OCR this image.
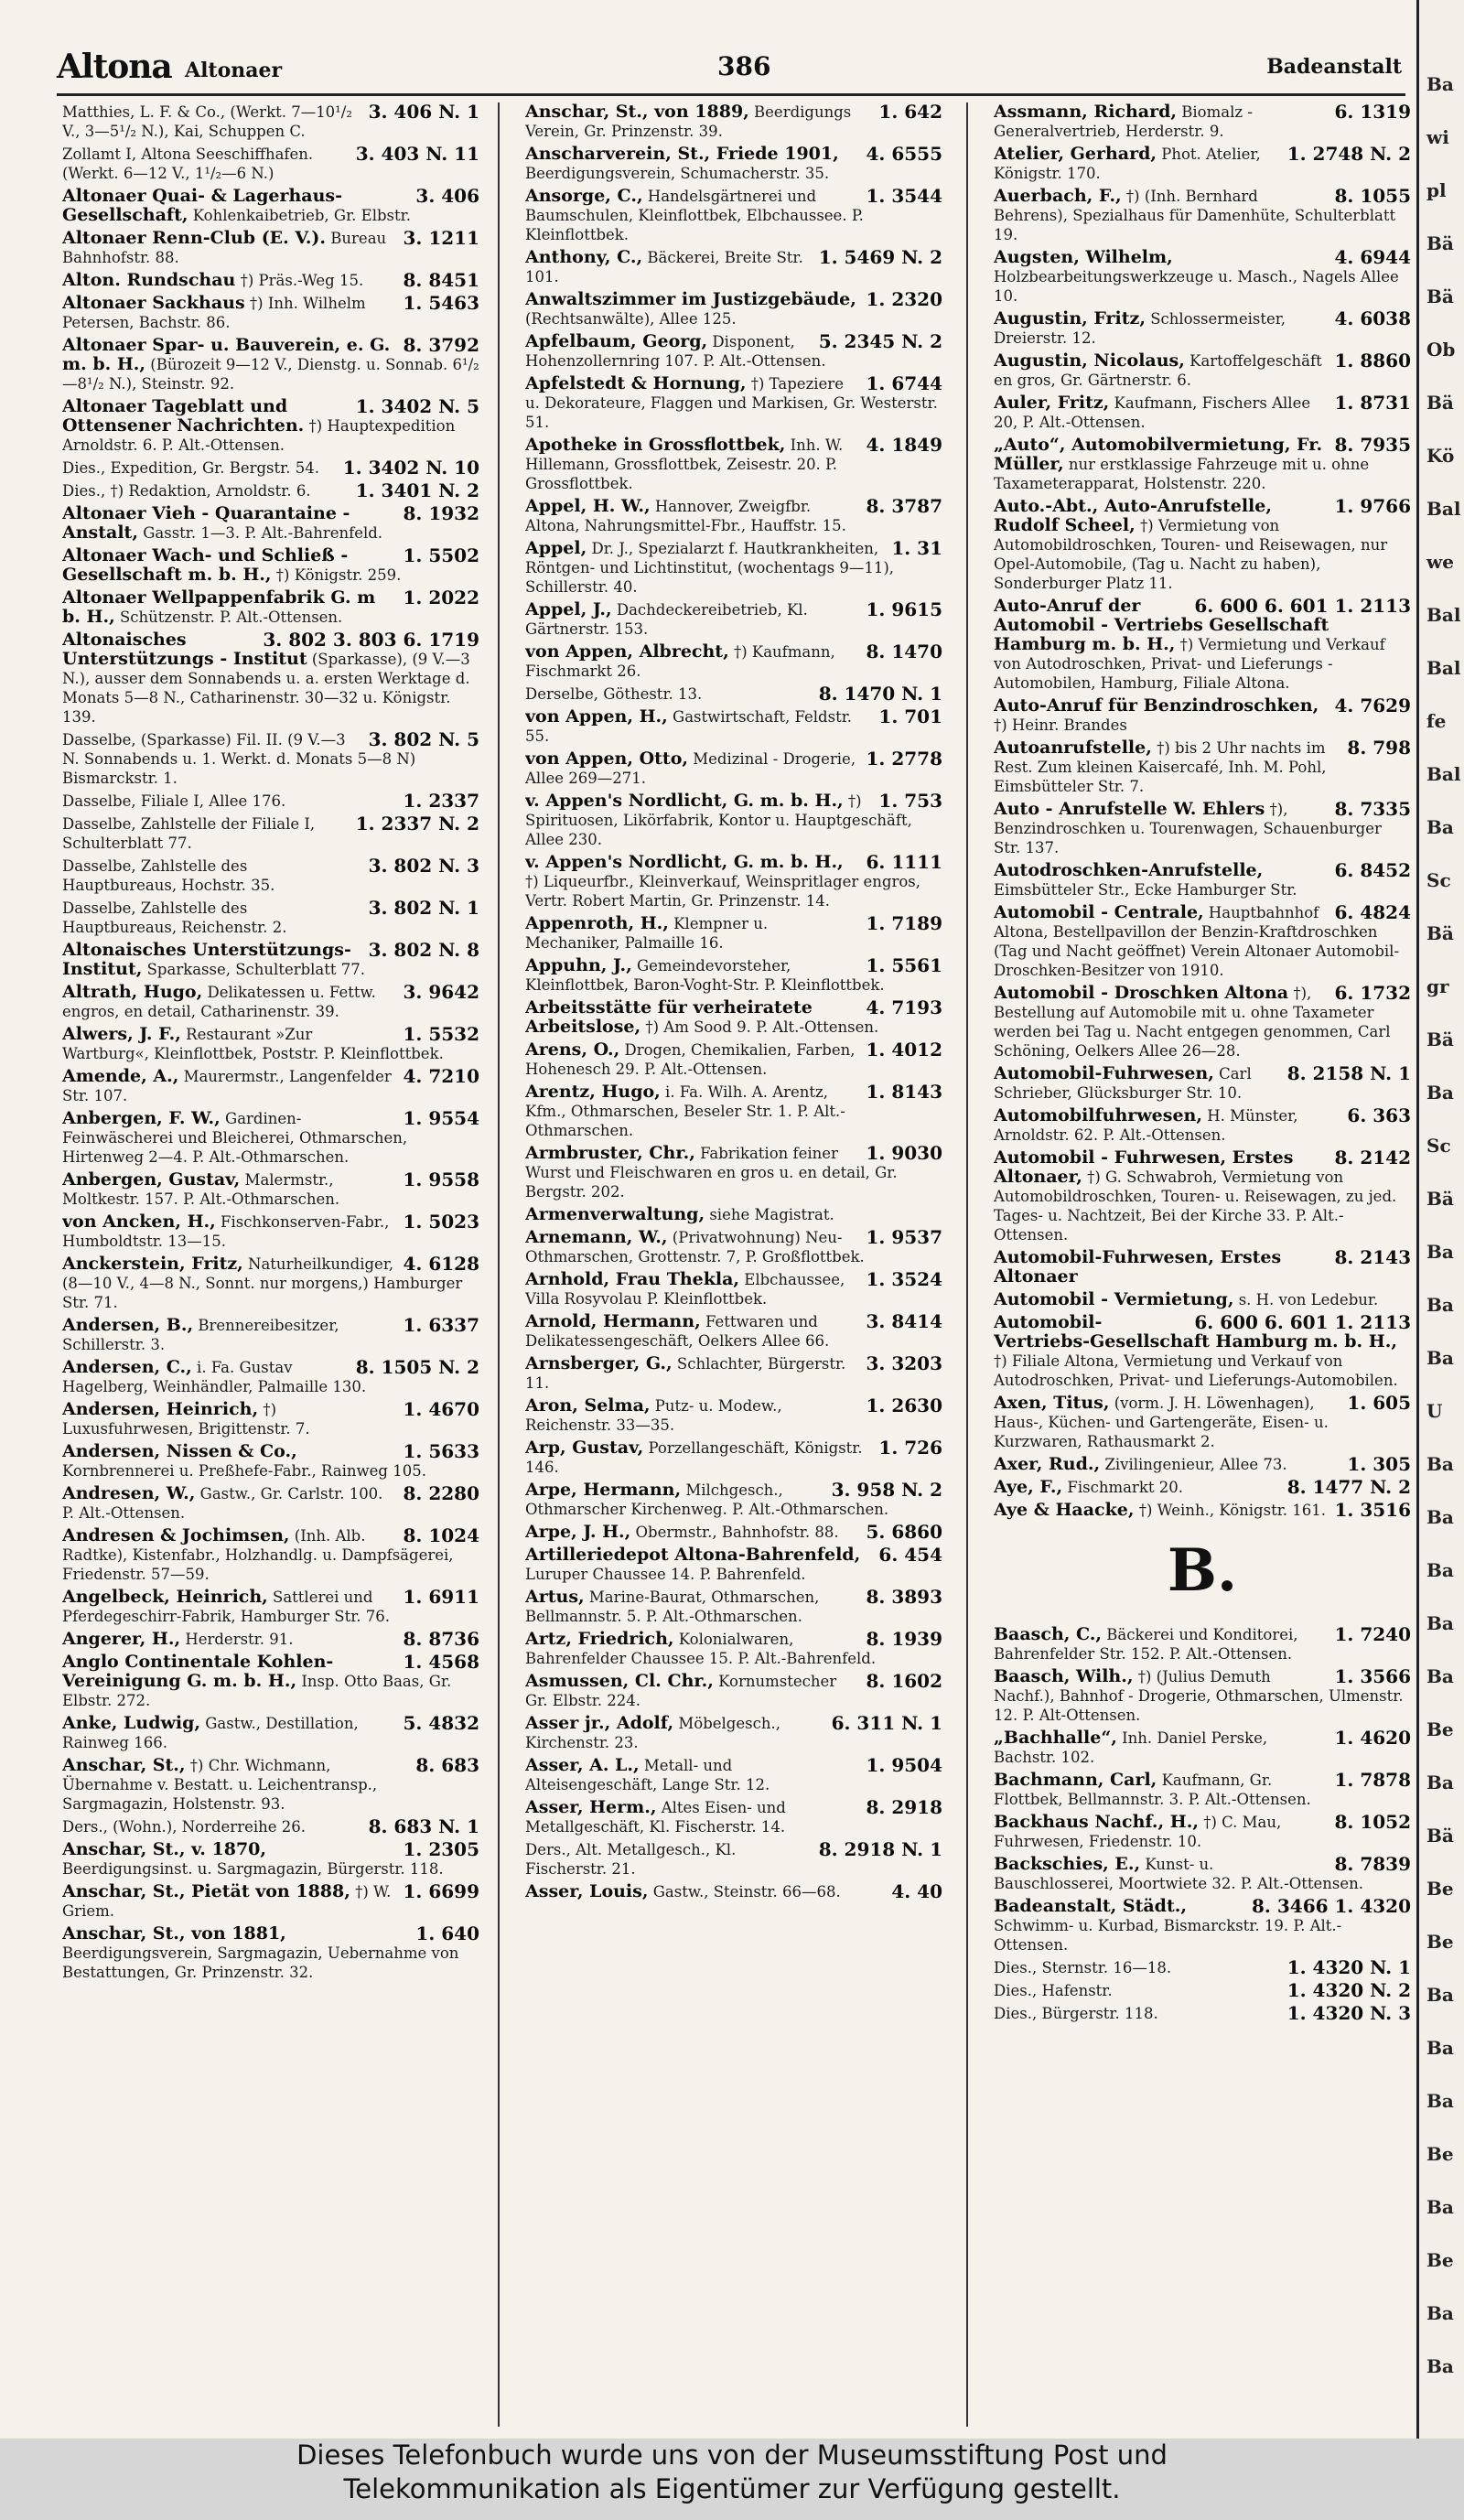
Altona Altonaer	386	Badeanstalt
3. 406 N. 1
Matthies, L. F. & Co., (Werkt. 7—10¹/₂ V., 3—5¹/₂ N.), Kai, Schuppen C.
3. 403 N. 11
Zollamt I, Altona Seeschiffhafen. (Werkt. 6—12 V., 1¹/₂—6 N.)
3. 406
Altonaer Quai- & Lagerhaus-Gesellschaft, Kohlenkaibetrieb, Gr. Elbstr.
3. 1211
Altonaer Renn-Club (E. V.). Bureau Bahnhofstr. 88.
8. 8451
Alton. Rundschau †) Präs.-Weg 15.
1. 5463
Altonaer Sackhaus †) Inh. Wilhelm Petersen, Bachstr. 86.
8. 3792
Altonaer Spar- u. Bauverein, e. G. m. b. H., (Bürozeit 9—12 V., Dienstg. u. Sonnab. 6¹/₂—8¹/₂ N.), Steinstr. 92.
1. 3402 N. 5
Altonaer Tageblatt und Ottensener Nachrichten. †) Hauptexpedition Arnoldstr. 6. P. Alt.-Ottensen.
1. 3402 N. 10
Dies., Expedition, Gr. Bergstr. 54.
1. 3401 N. 2
Dies., †) Redaktion, Arnoldstr. 6.
8. 1932
Altonaer Vieh - Quarantaine - Anstalt, Gasstr. 1—3. P. Alt.-Bahrenfeld.
1. 5502
Altonaer Wach- und Schließ - Gesellschaft m. b. H., †) Königstr. 259.
1. 2022
Altonaer Wellpappenfabrik G. m b. H., Schützenstr. P. Alt.-Ottensen.
3. 802 3. 803 6. 1719
Altonaisches Unterstützungs - Institut (Sparkasse), (9 V.—3 N.), ausser dem Sonnabends u. a. ersten Werktage d. Monats 5—8 N., Catharinenstr. 30—32 u. Königstr. 139.
3. 802 N. 5
Dasselbe, (Sparkasse) Fil. II. (9 V.—3 N. Sonnabends u. 1. Werkt. d. Monats 5—8 N) Bismarckstr. 1.
1. 2337
Dasselbe, Filiale I, Allee 176.
1. 2337 N. 2
Dasselbe, Zahlstelle der Filiale I, Schulterblatt 77.
3. 802 N. 3
Dasselbe, Zahlstelle des Hauptbureaus, Hochstr. 35.
3. 802 N. 1
Dasselbe, Zahlstelle des Hauptbureaus, Reichenstr. 2.
3. 802 N. 8
Altonaisches Unterstützungs-Institut, Sparkasse, Schulterblatt 77.
3. 9642
Altrath, Hugo, Delikatessen u. Fettw. engros, en detail, Catharinenstr. 39.
1. 5532
Alwers, J. F., Restaurant »Zur Wartburg«, Kleinflottbek, Poststr. P. Kleinflottbek.
4. 7210
Amende, A., Maurermstr., Langenfelder Str. 107.
1. 9554
Anbergen, F. W., Gardinen-Feinwäscherei und Bleicherei, Othmarschen, Hirtenweg 2—4. P. Alt.-Othmarschen.
1. 9558
Anbergen, Gustav, Malermstr., Moltkestr. 157. P. Alt.-Othmarschen.
1. 5023
von Ancken, H., Fischkonserven-Fabr., Humboldtstr. 13—15.
4. 6128
Anckerstein, Fritz, Naturheilkundiger, (8—10 V., 4—8 N., Sonnt. nur morgens,) Hamburger Str. 71.
1. 6337
Andersen, B., Brennereibesitzer, Schillerstr. 3.
8. 1505 N. 2
Andersen, C., i. Fa. Gustav Hagelberg, Weinhändler, Palmaille 130.
1. 4670
Andersen, Heinrich, †) Luxusfuhrwesen, Brigittenstr. 7.
1. 5633
Andersen, Nissen & Co., Kornbrennerei u. Preßhefe-Fabr., Rainweg 105.
8. 2280
Andresen, W., Gastw., Gr. Carlstr. 100. P. Alt.-Ottensen.
8. 1024
Andresen & Jochimsen, (Inh. Alb. Radtke), Kistenfabr., Holzhandlg. u. Dampfsägerei, Friedenstr. 57—59.
1. 6911
Angelbeck, Heinrich, Sattlerei und Pferdegeschirr-Fabrik, Hamburger Str. 76.
8. 8736
Angerer, H., Herderstr. 91.
1. 4568
Anglo Continentale Kohlen-Vereinigung G. m. b. H., Insp. Otto Baas, Gr. Elbstr. 272.
5. 4832
Anke, Ludwig, Gastw., Destillation, Rainweg 166.
8. 683
Anschar, St., †) Chr. Wichmann, Übernahme v. Bestatt. u. Leichentransp., Sargmagazin, Holstenstr. 93.
8. 683 N. 1
Ders., (Wohn.), Norderreihe 26.
1. 2305
Anschar, St., v. 1870, Beerdigungsinst. u. Sargmagazin, Bürgerstr. 118.
1. 6699
Anschar, St., Pietät von 1888, †) W. Griem.
1. 640
Anschar, St., von 1881, Beerdigungsverein, Sargmagazin, Uebernahme von Bestattungen, Gr. Prinzenstr. 32.
1. 642
Anschar, St., von 1889, Beerdigungs Verein, Gr. Prinzenstr. 39.
4. 6555
Anscharverein, St., Friede 1901, Beerdigungsverein, Schumacherstr. 35.
1. 3544
Ansorge, C., Handelsgärtnerei und Baumschulen, Kleinflottbek, Elbchaussee. P. Kleinflottbek.
1. 5469 N. 2
Anthony, C., Bäckerei, Breite Str. 101.
1. 2320
Anwaltszimmer im Justizgebäude, (Rechtsanwälte), Allee 125.
5. 2345 N. 2
Apfelbaum, Georg, Disponent, Hohenzollernring 107. P. Alt.-Ottensen.
1. 6744
Apfelstedt & Hornung, †) Tapeziere u. Dekorateure, Flaggen und Markisen, Gr. Westerstr. 51.
4. 1849
Apotheke in Grossflottbek, Inh. W. Hillemann, Grossflottbek, Zeisestr. 20. P. Grossflottbek.
8. 3787
Appel, H. W., Hannover, Zweigfbr. Altona, Nahrungsmittel-Fbr., Hauffstr. 15.
1. 31
Appel, Dr. J., Spezialarzt f. Hautkrankheiten, Röntgen- und Lichtinstitut, (wochentags 9—11), Schillerstr. 40.
1. 9615
Appel, J., Dachdeckereibetrieb, Kl. Gärtnerstr. 153.
8. 1470
von Appen, Albrecht, †) Kaufmann, Fischmarkt 26.
8. 1470 N. 1
Derselbe, Göthestr. 13.
1. 701
von Appen, H., Gastwirtschaft, Feldstr. 55.
1. 2778
von Appen, Otto, Medizinal - Drogerie, Allee 269—271.
1. 753
v. Appen's Nordlicht, G. m. b. H., †) Spirituosen, Likörfabrik, Kontor u. Hauptgeschäft, Allee 230.
6. 1111
v. Appen's Nordlicht, G. m. b. H., †) Liqueurfbr., Kleinverkauf, Weinspritlager engros, Vertr. Robert Martin, Gr. Prinzenstr. 14.
1. 7189
Appenroth, H., Klempner u. Mechaniker, Palmaille 16.
1. 5561
Appuhn, J., Gemeindevorsteher, Kleinflottbek, Baron-Voght-Str. P. Kleinflottbek.
4. 7193
Arbeitsstätte für verheiratete Arbeitslose, †) Am Sood 9. P. Alt.-Ottensen.
1. 4012
Arens, O., Drogen, Chemikalien, Farben, Hohenesch 29. P. Alt.-Ottensen.
1. 8143
Arentz, Hugo, i. Fa. Wilh. A. Arentz, Kfm., Othmarschen, Beseler Str. 1. P. Alt.-Othmarschen.
1. 9030
Armbruster, Chr., Fabrikation feiner Wurst und Fleischwaren en gros u. en detail, Gr. Bergstr. 202.
Armenverwaltung, siehe Magistrat.
1. 9537
Arnemann, W., (Privatwohnung) Neu-Othmarschen, Grottenstr. 7, P. Großflottbek.
1. 3524
Arnhold, Frau Thekla, Elbchaussee, Villa Rosyvolau P. Kleinflottbek.
3. 8414
Arnold, Hermann, Fettwaren und Delikatessengeschäft, Oelkers Allee 66.
3. 3203
Arnsberger, G., Schlachter, Bürgerstr. 11.
1. 2630
Aron, Selma, Putz- u. Modew., Reichenstr. 33—35.
1. 726
Arp, Gustav, Porzellangeschäft, Königstr. 146.
3. 958 N. 2
Arpe, Hermann, Milchgesch., Othmarscher Kirchenweg. P. Alt.-Othmarschen.
5. 6860
Arpe, J. H., Obermstr., Bahnhofstr. 88.
6. 454
Artilleriedepot Altona-Bahrenfeld, Luruper Chaussee 14. P. Bahrenfeld.
8. 3893
Artus, Marine-Baurat, Othmarschen, Bellmannstr. 5. P. Alt.-Othmarschen.
8. 1939
Artz, Friedrich, Kolonialwaren, Bahrenfelder Chaussee 15. P. Alt.-Bahrenfeld.
8. 1602
Asmussen, Cl. Chr., Kornumstecher Gr. Elbstr. 224.
6. 311 N. 1
Asser jr., Adolf, Möbelgesch., Kirchenstr. 23.
1. 9504
Asser, A. L., Metall- und Alteisengeschäft, Lange Str. 12.
8. 2918
Asser, Herm., Altes Eisen- und Metallgeschäft, Kl. Fischerstr. 14.
8. 2918 N. 1
Ders., Alt. Metallgesch., Kl. Fischerstr. 21.
4. 40
Asser, Louis, Gastw., Steinstr. 66—68.
6. 1319
Assmann, Richard, Biomalz - Generalvertrieb, Herderstr. 9.
1. 2748 N. 2
Atelier, Gerhard, Phot. Atelier, Königstr. 170.
8. 1055
Auerbach, F., †) (Inh. Bernhard Behrens), Spezialhaus für Damenhüte, Schulterblatt 19.
4. 6944
Augsten, Wilhelm, Holzbearbeitungswerkzeuge u. Masch., Nagels Allee 10.
4. 6038
Augustin, Fritz, Schlossermeister, Dreierstr. 12.
1. 8860
Augustin, Nicolaus, Kartoffelgeschäft en gros, Gr. Gärtnerstr. 6.
1. 8731
Auler, Fritz, Kaufmann, Fischers Allee 20, P. Alt.-Ottensen.
8. 7935
„Auto“, Automobilvermietung, Fr. Müller, nur erstklassige Fahrzeuge mit u. ohne Taxameterapparat, Holstenstr. 220.
1. 9766
Auto.-Abt., Auto-Anrufstelle, Rudolf Scheel, †) Vermietung von Automobildroschken, Touren- und Reisewagen, nur Opel-Automobile, (Tag u. Nacht zu haben), Sonderburger Platz 11.
6. 600 6. 601 1. 2113
Auto-Anruf der Automobil - Vertriebs Gesellschaft Hamburg m. b. H., †) Vermietung und Verkauf von Autodroschken, Privat- und Lieferungs - Automobilen, Hamburg, Filiale Altona.
4. 7629
Auto-Anruf für Benzindroschken, †) Heinr. Brandes
8. 798
Autoanrufstelle, †) bis 2 Uhr nachts im Rest. Zum kleinen Kaisercafé, Inh. M. Pohl, Eimsbütteler Str. 7.
8. 7335
Auto - Anrufstelle W. Ehlers †), Benzindroschken u. Tourenwagen, Schauenburger Str. 137.
6. 8452
Autodroschken-Anrufstelle, Eimsbütteler Str., Ecke Hamburger Str.
6. 4824
Automobil - Centrale, Hauptbahnhof Altona, Bestellpavillon der Benzin-Kraftdroschken (Tag und Nacht geöffnet) Verein Altonaer Automobil-Droschken-Besitzer von 1910.
6. 1732
Automobil - Droschken Altona †), Bestellung auf Automobile mit u. ohne Taxameter werden bei Tag u. Nacht entgegen genommen, Carl Schöning, Oelkers Allee 26—28.
8. 2158 N. 1
Automobil-Fuhrwesen, Carl Schrieber, Glücksburger Str. 10.
6. 363
Automobilfuhrwesen, H. Münster, Arnoldstr. 62. P. Alt.-Ottensen.
8. 2142
Automobil - Fuhrwesen, Erstes Altonaer, †) G. Schwabroh, Vermietung von Automobildroschken, Touren- u. Reisewagen, zu jed. Tages- u. Nachtzeit, Bei der Kirche 33. P. Alt.-Ottensen.
8. 2143
Automobil-Fuhrwesen, Erstes Altonaer
Automobil - Vermietung, s. H. von Ledebur.
6. 600 6. 601 1. 2113
Automobil-Vertriebs-Gesellschaft Hamburg m. b. H., †) Filiale Altona, Vermietung und Verkauf von Autodroschken, Privat- und Lieferungs-Automobilen.
1. 605
Axen, Titus, (vorm. J. H. Löwenhagen), Haus-, Küchen- und Gartengeräte, Eisen- u. Kurzwaren, Rathausmarkt 2.
1. 305
Axer, Rud., Zivilingenieur, Allee 73.
8. 1477 N. 2
Aye, F., Fischmarkt 20.
1. 3516
Aye & Haacke, †) Weinh., Königstr. 161.
B.
1. 7240
Baasch, C., Bäckerei und Konditorei, Bahrenfelder Str. 152. P. Alt.-Ottensen.
1. 3566
Baasch, Wilh., †) (Julius Demuth Nachf.), Bahnhof - Drogerie, Othmarschen, Ulmenstr. 12. P. Alt-Ottensen.
1. 4620
„Bachhalle“, Inh. Daniel Perske, Bachstr. 102.
1. 7878
Bachmann, Carl, Kaufmann, Gr. Flottbek, Bellmannstr. 3. P. Alt.-Ottensen.
8. 1052
Backhaus Nachf., H., †) C. Mau, Fuhrwesen, Friedenstr. 10.
8. 7839
Backschies, E., Kunst- u. Bauschlosserei, Moortwiete 32. P. Alt.-Ottensen.
8. 3466 1. 4320
Badeanstalt, Städt., Schwimm- u. Kurbad, Bismarckstr. 19. P. Alt.-Ottensen.
1. 4320 N. 1
Dies., Sternstr. 16—18.
1. 4320 N. 2
Dies., Hafenstr.
1. 4320 N. 3
Dies., Bürgerstr. 118.
Ba
wi
pl
Bä
Bä
Ob
Bä
Kö
Bal
we
Bal
Bal
fe
Bal
Ba
Sc
Bä
gr
Bä
Ba
Sc
Bä
Ba
Ba
Ba
U
Ba
Ba
Ba
Ba
Ba
Be
Ba
Bä
Be
Be
Ba
Ba
Ba
Be
Ba
Be
Ba
Ba
Dieses Telefonbuch wurde uns von der Museumsstiftung Post und
Telekommunikation als Eigentümer zur Verfügung gestellt.
